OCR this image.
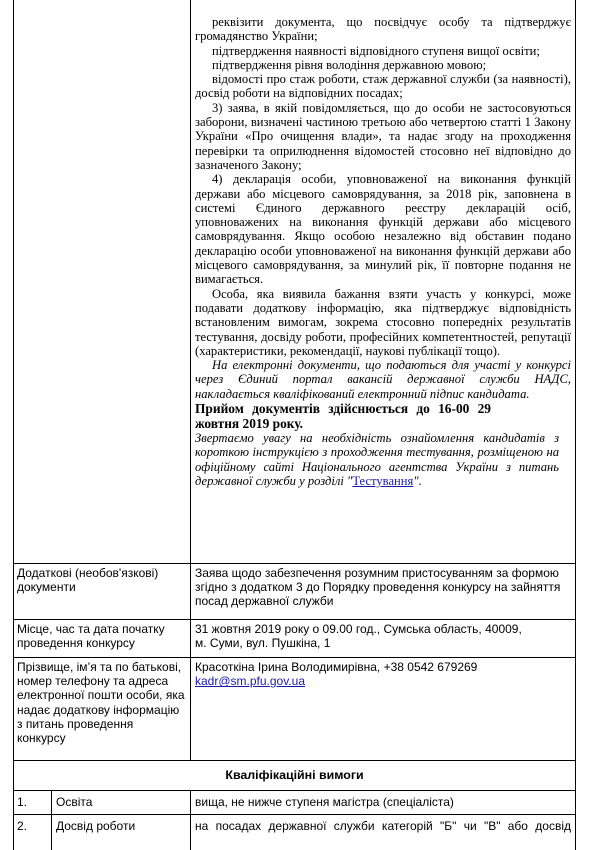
реквізити документа, що посвідчує особу та підтверджує громадянство України;

підтвердження наявності відповідного ступеня вищої освіти;

підтвердження рівня володіння державною мовою;

відомості про стаж роботи, стаж державної служби (за наявності), досвід роботи на відповідних посадах;

3) заява, в якій повідомляється, що до особи не застосовуються заборони, визначені частиною третьою або четвертою статті 1 Закону України «Про очищення влади», та надає згоду на проходження перевірки та оприлюднення відомостей стосовно неї відповідно до зазначеного Закону;

4) декларація особи, уповноваженої на виконання функцій держави або місцевого самоврядування, за 2018 рік, заповнена в системі Єдиного державного реєстру декларацій осіб, уповноважених на виконання функцій держави або місцевого самоврядування. Якщо особою незалежно від обставин подано декларацію особи уповноваженої на виконання функцій держави або місцевого самоврядування, за минулий рік, її повторне подання не вимагається.

Особа, яка виявила бажання взяти участь у конкурсі, може подавати додаткову інформацію, яка підтверджує відповідність встановленим вимогам, зокрема стосовно попередніх результатів тестування, досвіду роботи, професійних компетентностей, репутації (характеристики, рекомендації, наукові публікації тощо).

На електронні документи, що подаються для участі у конкурсі через Єдиний портал вакансій державної служби НАДС, накладається кваліфікований електронний підпис кандидата.

Прийом документів здійснюється до 16-00 29 жовтня 2019 року.

Звертаємо увагу на необхідність ознайомлення кандидатів з короткою інструкцією з проходження тестування, розміщеною на офіційному сайті Національного агентства України з питань державної служби у розділі "Тестування".

Додаткові (необов'язкові) документи
Заява щодо забезпечення розумним пристосуванням за формою згідно з додатком 3 до Порядку проведення конкурсу на зайняття посад державної служби
Місце, час та дата початку проведення конкурсу
31 жовтня 2019 року о 09.00 год., Сумська область, 40009,
м. Суми, вул. Пушкіна, 1
Прізвище, ім’я та по батькові, номер телефону та адреса електронної пошти особи, яка надає додаткову інформацію з питань проведення конкурсу
Красоткіна Ірина Володимирівна, +38 0542 679269
kadr@sm.pfu.gov.ua
Кваліфікаційні вимоги
1. Освіта	вища, не нижче ступеня магістра (спеціаліста)
2. Досвід роботи	на посадах державної служби категорій "Б" чи "В" або досвід
